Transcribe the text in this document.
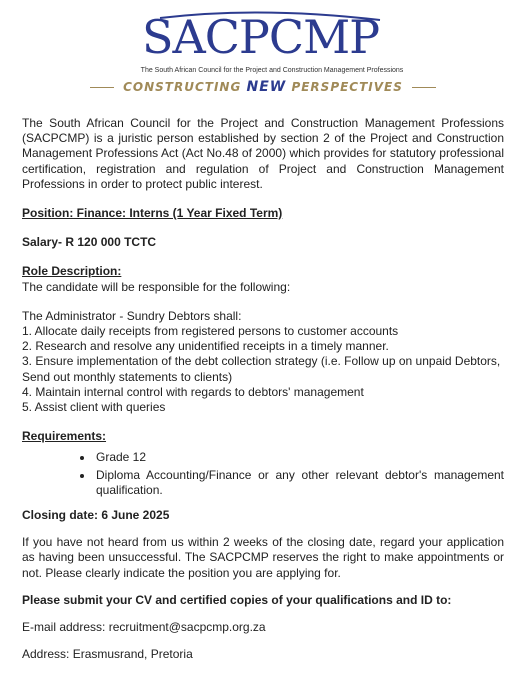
SACPCMP
The South African Council for the Project and Construction Management Professions
CONSTRUCTING NEW PERSPECTIVES

The South African Council for the Project and Construction Management Professions (SACPCMP) is a juristic person established by section 2 of the Project and Construction Management Professions Act (Act No.48 of 2000) which provides for statutory professional certification, registration and regulation of Project and Construction Management Professions in order to protect public interest.

Position: Finance: Interns (1 Year Fixed Term)

Salary- R 120 000 TCTC

Role Description:

The candidate will be responsible for the following:

The Administrator - Sundry Debtors shall:

1. Allocate daily receipts from registered persons to customer accounts
2. Research and resolve any unidentified receipts in a timely manner.
3. Ensure implementation of the debt collection strategy (i.e. Follow up on unpaid Debtors, Send out monthly statements to clients)
4. Maintain internal control with regards to debtors' management
5. Assist client with queries

Requirements:

• Grade 12
• Diploma Accounting/Finance or any other relevant debtor's management qualification.

Closing date: 6 June 2025

If you have not heard from us within 2 weeks of the closing date, regard your application as having been unsuccessful. The SACPCMP reserves the right to make appointments or not. Please clearly indicate the position you are applying for.

Please submit your CV and certified copies of your qualifications and ID to:

E-mail address: recruitment@sacpcmp.org.za

Address: Erasmusrand, Pretoria
